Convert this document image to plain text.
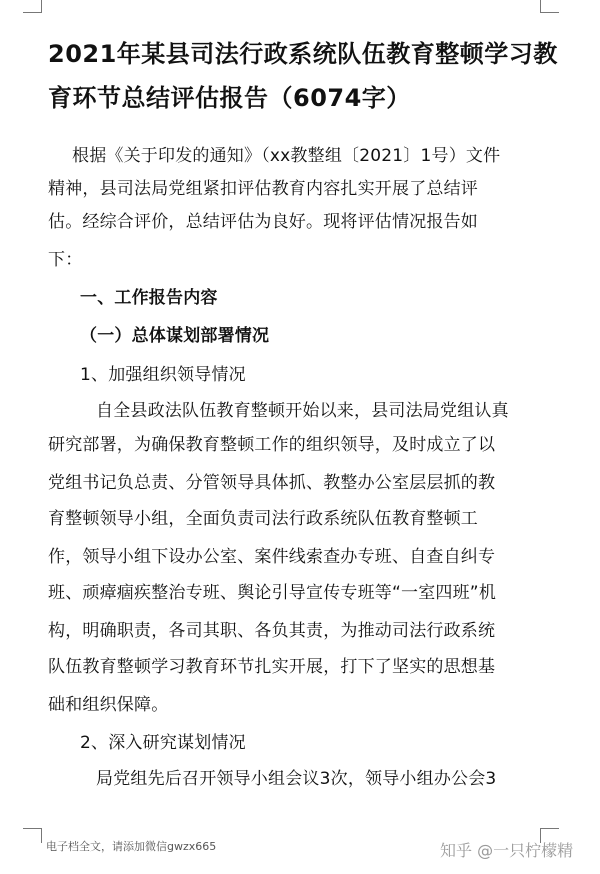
2021年某县司法行政系统队伍教育整顿学习教育环节总结评估报告（6074字）

根据《关于印发的通知》（xx教整组〔2021〕1号）文件

精神，县司法局党组紧扣评估教育内容扎实开展了总结评

估。经综合评价，总结评估为良好。现将评估情况报告如

下：

一、工作报告内容

（一）总体谋划部署情况

1、加强组织领导情况

自全县政法队伍教育整顿开始以来，县司法局党组认真

研究部署，为确保教育整顿工作的组织领导，及时成立了以

党组书记负总责、分管领导具体抓、教整办公室层层抓的教

育整顿领导小组，全面负责司法行政系统队伍教育整顿工

作，领导小组下设办公室、案件线索查办专班、自查自纠专

班、顽瘴痼疾整治专班、舆论引导宣传专班等“一室四班”机

构，明确职责，各司其职、各负其责，为推动司法行政系统

队伍教育整顿学习教育环节扎实开展，打下了坚实的思想基

础和组织保障。

2、深入研究谋划情况

局党组先后召开领导小组会议3次，领导小组办公会3

电子档全文，请添加微信gwzx665	知乎 @一只柠檬精
